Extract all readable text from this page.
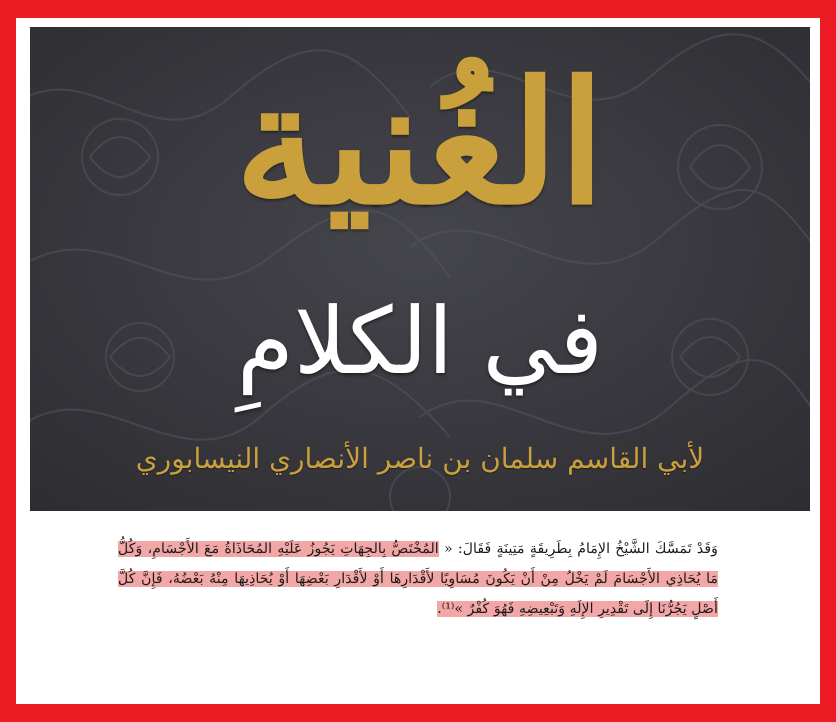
الغُنية
في الكلامِ
لأبي القاسم سلمان بن ناصر الأنصاري النيسابوري
وَقَدْ تَمَسَّكَ الشَّيْخُ الإِمَامُ بِطَرِيقَةٍ مَتِينَةٍ فَقَالَ: « المُخْتَصُّ بِالجِهَاتِ يَجُوزُ عَلَيْهِ المُحَاذَاةُ مَعَ الأَجْسَامِ، وَكُلُّ مَا يُحَاذِي الأَجْسَامَ لَمْ يَخْلُ مِنْ أَنْ يَكُونَ مُسَاوِيًا لأَقْدَارِهَا أَوْ لأَقْدَارِ بَعْضِهَا أَوْ يُحَاذِيهَا مِنْهُ بَعْضُهُ، فَإِنَّ كُلَّ أَصْلٍ يَجُرُّنَا إِلَى تَقْدِيرِ الإِلَهِ وَتَبْعِيضِهِ فَهُوَ كُفْرٌ »⁽¹⁾.
